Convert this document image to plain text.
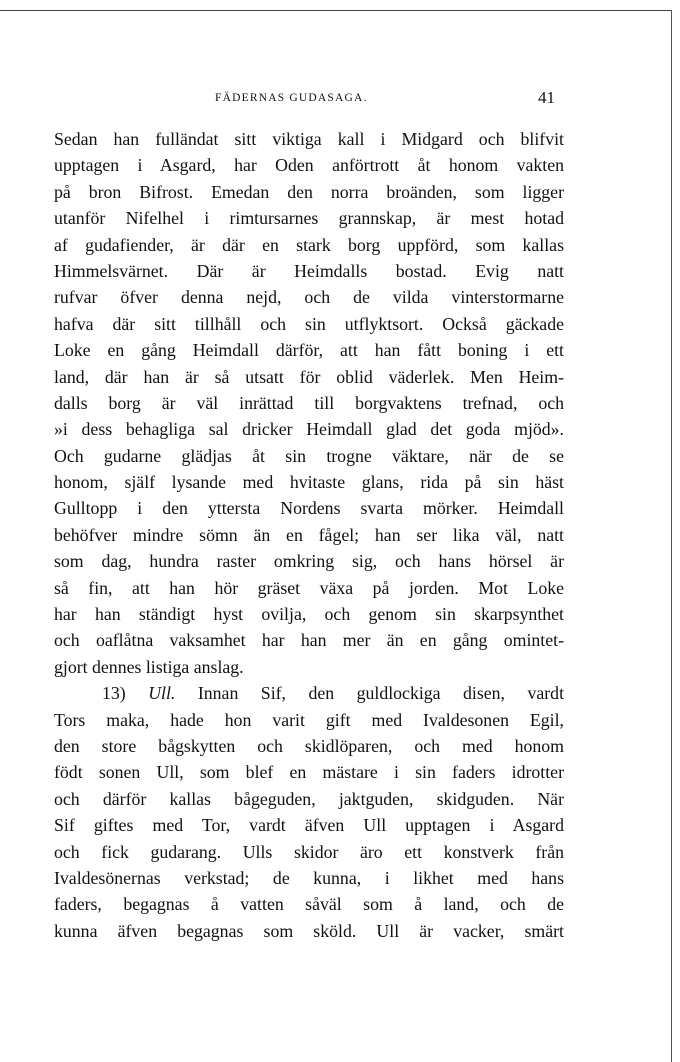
FÄDERNAS GUDASAGA.	41
Sedan han fulländat sitt viktiga kall i Midgard och blifvit
upptagen i Asgard, har Oden anförtrott åt honom vakten
på bron Bifrost. Emedan den norra broänden, som ligger
utanför Nifelhel i rimtursarnes grannskap, är mest hotad
af gudafiender, är där en stark borg uppförd, som kallas
Himmelsvärnet. Där är Heimdalls bostad. Evig natt
rufvar öfver denna nejd, och de vilda vinterstormarne
hafva där sitt tillhåll och sin utflyktsort. Också gäckade
Loke en gång Heimdall därför, att han fått boning i ett
land, där han är så utsatt för oblid väderlek. Men Heim-
dalls borg är väl inrättad till borgvaktens trefnad, och
»i dess behagliga sal dricker Heimdall glad det goda mjöd».
Och gudarne glädjas åt sin trogne väktare, när de se
honom, själf lysande med hvitaste glans, rida på sin häst
Gulltopp i den yttersta Nordens svarta mörker. Heimdall
behöfver mindre sömn än en fågel; han ser lika väl, natt
som dag, hundra raster omkring sig, och hans hörsel är
så fin, att han hör gräset växa på jorden. Mot Loke
har han ständigt hyst ovilja, och genom sin skarpsynthet
och oaflåtna vaksamhet har han mer än en gång omintet-
gjort dennes listiga anslag.
13) Ull. Innan Sif, den guldlockiga disen, vardt
Tors maka, hade hon varit gift med Ivaldesonen Egil,
den store bågskytten och skidlöparen, och med honom
födt sonen Ull, som blef en mästare i sin faders idrotter
och därför kallas bågeguden, jaktguden, skidguden. När
Sif giftes med Tor, vardt äfven Ull upptagen i Asgard
och fick gudarang. Ulls skidor äro ett konstverk från
Ivaldesönernas verkstad; de kunna, i likhet med hans
faders, begagnas å vatten såväl som å land, och de
kunna äfven begagnas som sköld. Ull är vacker, smärt
